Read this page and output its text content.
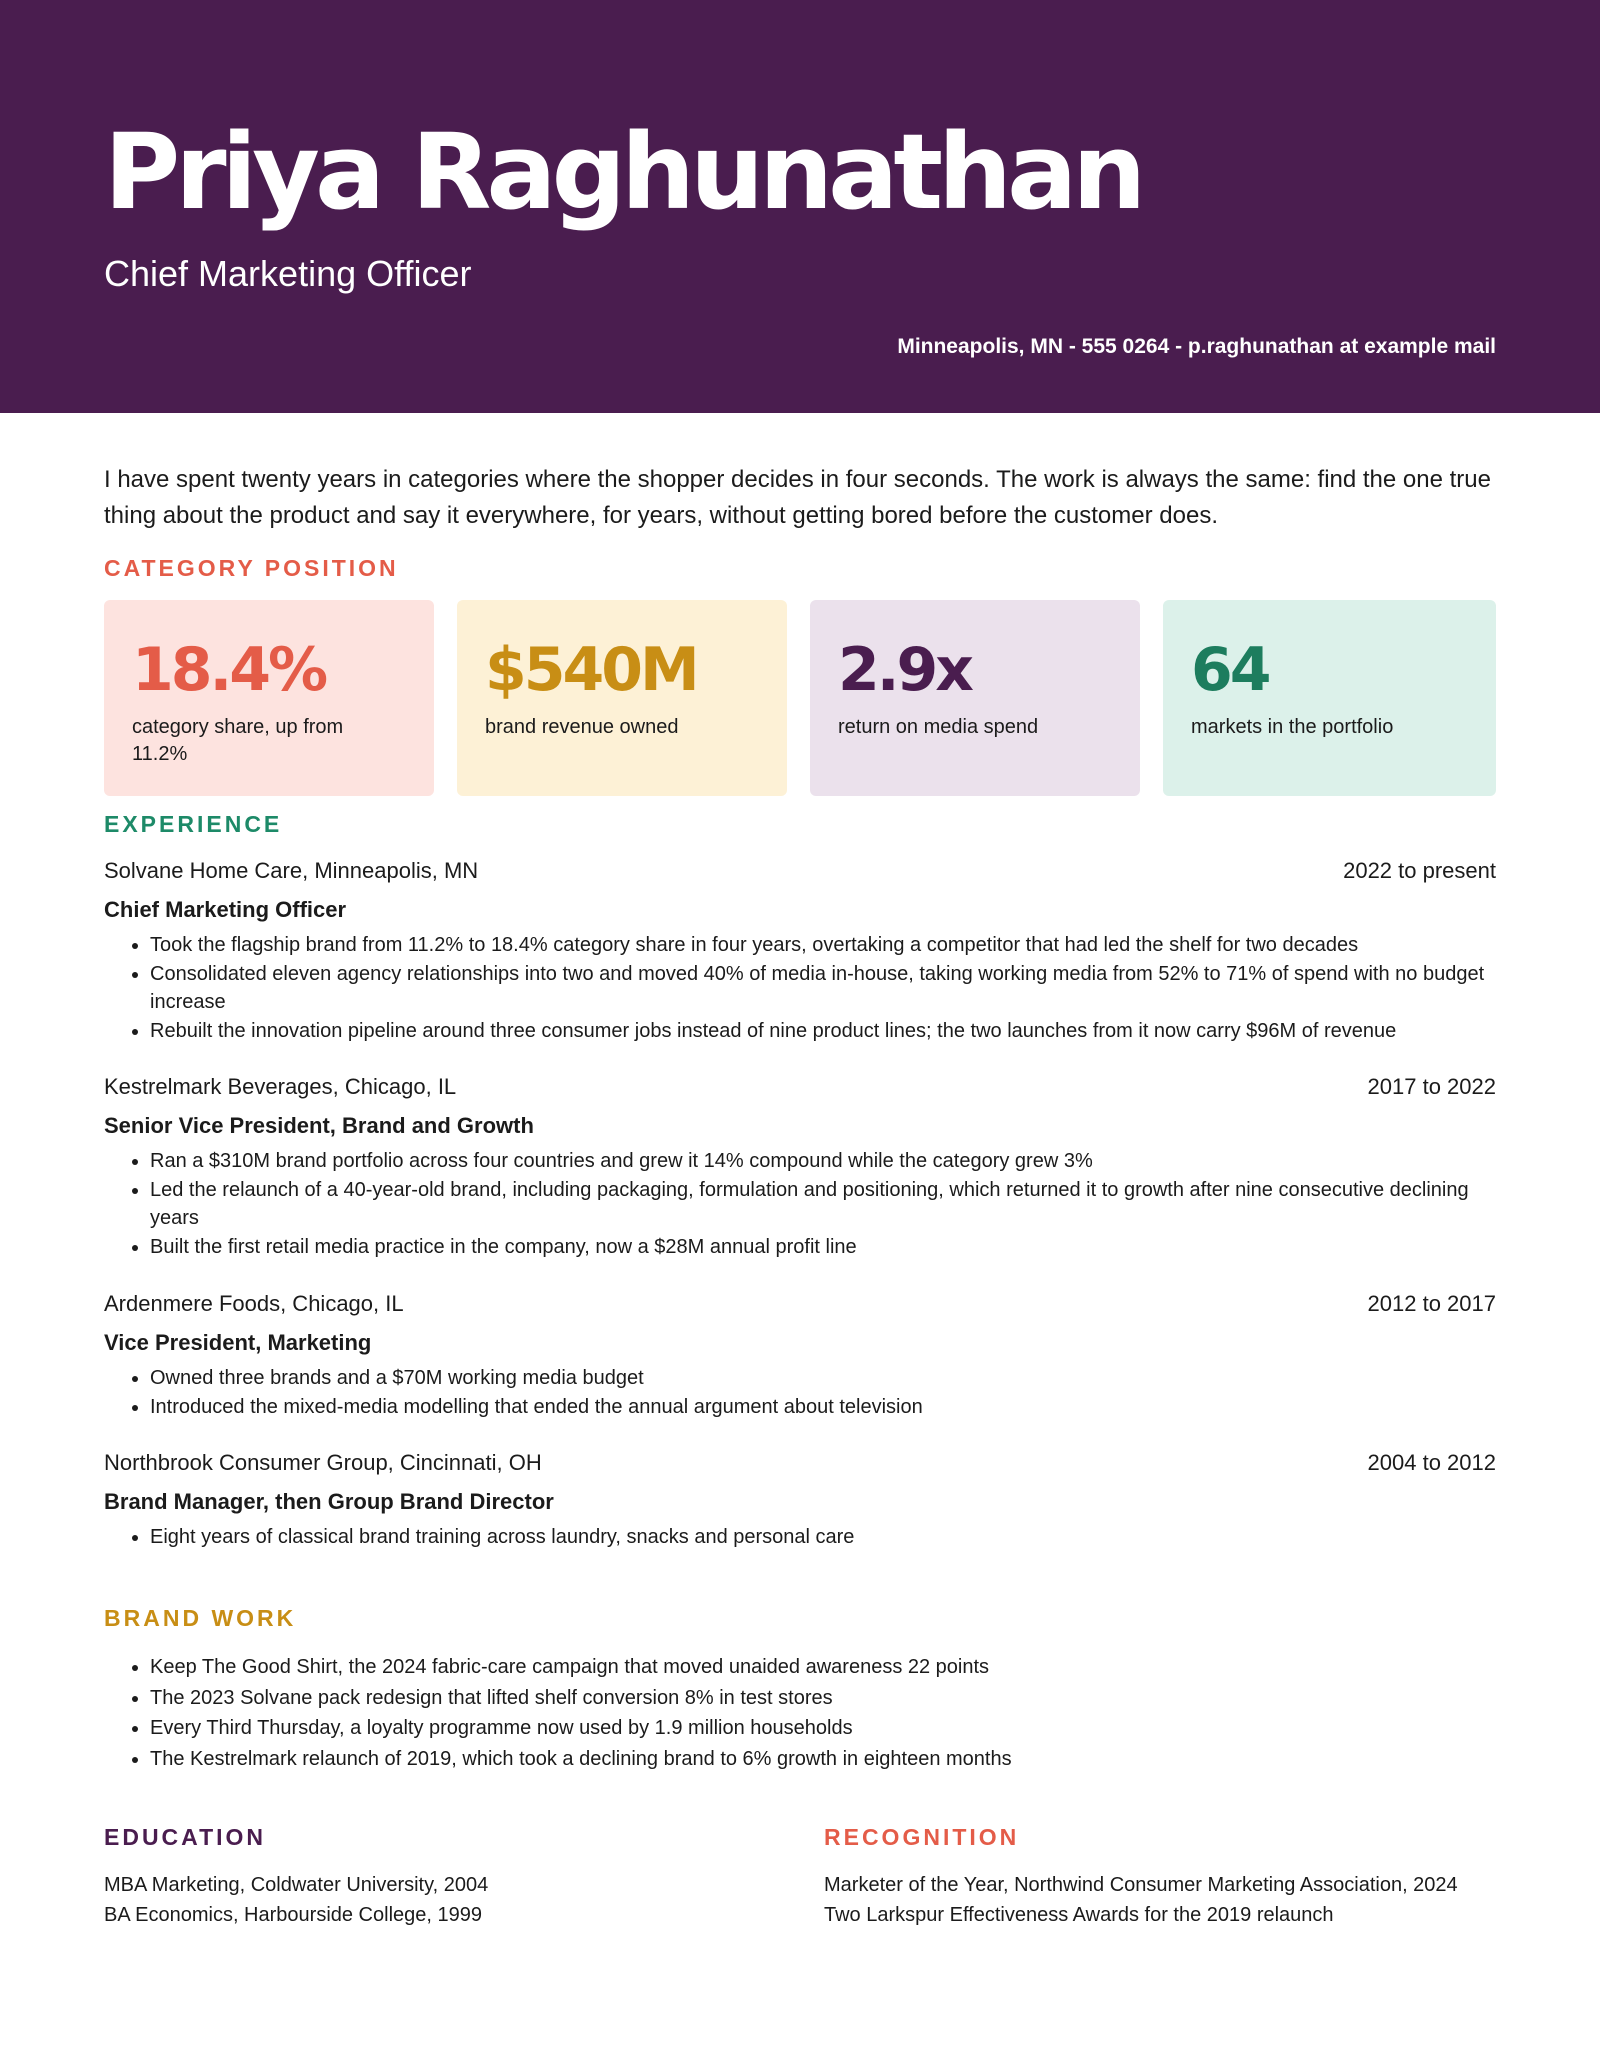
Priya Raghunathan
Chief Marketing Officer
Minneapolis, MN - 555 0264 - p.raghunathan at example mail
I have spent twenty years in categories where the shopper decides in four seconds. The work is always the same: find the one true thing about the product and say it everywhere, for years, without getting bored before the customer does.
CATEGORY POSITION
18.4%
category share, up from 11.2%
$540M
brand revenue owned
2.9x
return on media spend
64
markets in the portfolio
EXPERIENCE
Solvane Home Care, Minneapolis, MN	2022 to present
Chief Marketing Officer
• Took the flagship brand from 11.2% to 18.4% category share in four years, overtaking a competitor that had led the shelf for two decades
• Consolidated eleven agency relationships into two and moved 40% of media in-house, taking working media from 52% to 71% of spend with no budget increase
• Rebuilt the innovation pipeline around three consumer jobs instead of nine product lines; the two launches from it now carry $96M of revenue
Kestrelmark Beverages, Chicago, IL	2017 to 2022
Senior Vice President, Brand and Growth
• Ran a $310M brand portfolio across four countries and grew it 14% compound while the category grew 3%
• Led the relaunch of a 40-year-old brand, including packaging, formulation and positioning, which returned it to growth after nine consecutive declining years
• Built the first retail media practice in the company, now a $28M annual profit line
Ardenmere Foods, Chicago, IL	2012 to 2017
Vice President, Marketing
• Owned three brands and a $70M working media budget
• Introduced the mixed-media modelling that ended the annual argument about television
Northbrook Consumer Group, Cincinnati, OH	2004 to 2012
Brand Manager, then Group Brand Director
• Eight years of classical brand training across laundry, snacks and personal care
BRAND WORK
• Keep The Good Shirt, the 2024 fabric-care campaign that moved unaided awareness 22 points
• The 2023 Solvane pack redesign that lifted shelf conversion 8% in test stores
• Every Third Thursday, a loyalty programme now used by 1.9 million households
• The Kestrelmark relaunch of 2019, which took a declining brand to 6% growth in eighteen months
EDUCATION
MBA Marketing, Coldwater University, 2004
BA Economics, Harbourside College, 1999
RECOGNITION
Marketer of the Year, Northwind Consumer Marketing Association, 2024
Two Larkspur Effectiveness Awards for the 2019 relaunch
